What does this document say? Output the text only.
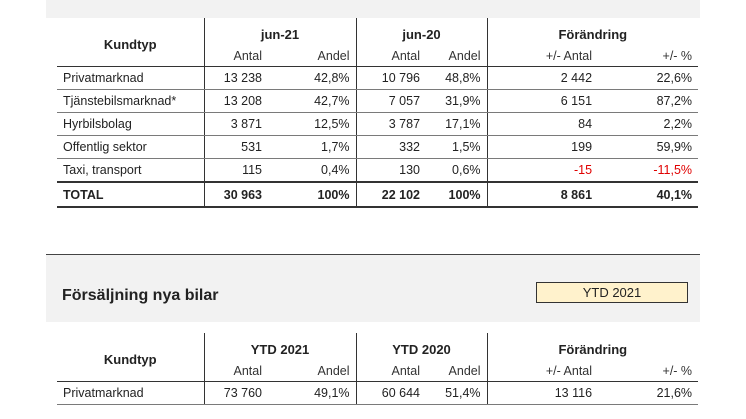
Kundtyp	jun-21		jun-20		Förändring	
	Antal	Andel	Antal	Andel	+/- Antal	+/- %
Privatmarknad	13 238	42,8%	10 796	48,8%	2 442	22,6%
Tjänstebilsmarknad*	13 208	42,7%	7 057	31,9%	6 151	87,2%
Hyrbilsbolag	3 871	12,5%	3 787	17,1%	84	2,2%
Offentlig sektor	531	1,7%	332	1,5%	199	59,9%
Taxi, transport	115	0,4%	130	0,6%	-15	-11,5%
TOTAL	30 963	100%	22 102	100%	8 861	40,1%
Försäljning nya bilar	YTD 2021
Kundtyp	YTD 2021		YTD 2020		Förändring	
	Antal	Andel	Antal	Andel	+/- Antal	+/- %
Privatmarknad	73 760	49,1%	60 644	51,4%	13 116	21,6%
